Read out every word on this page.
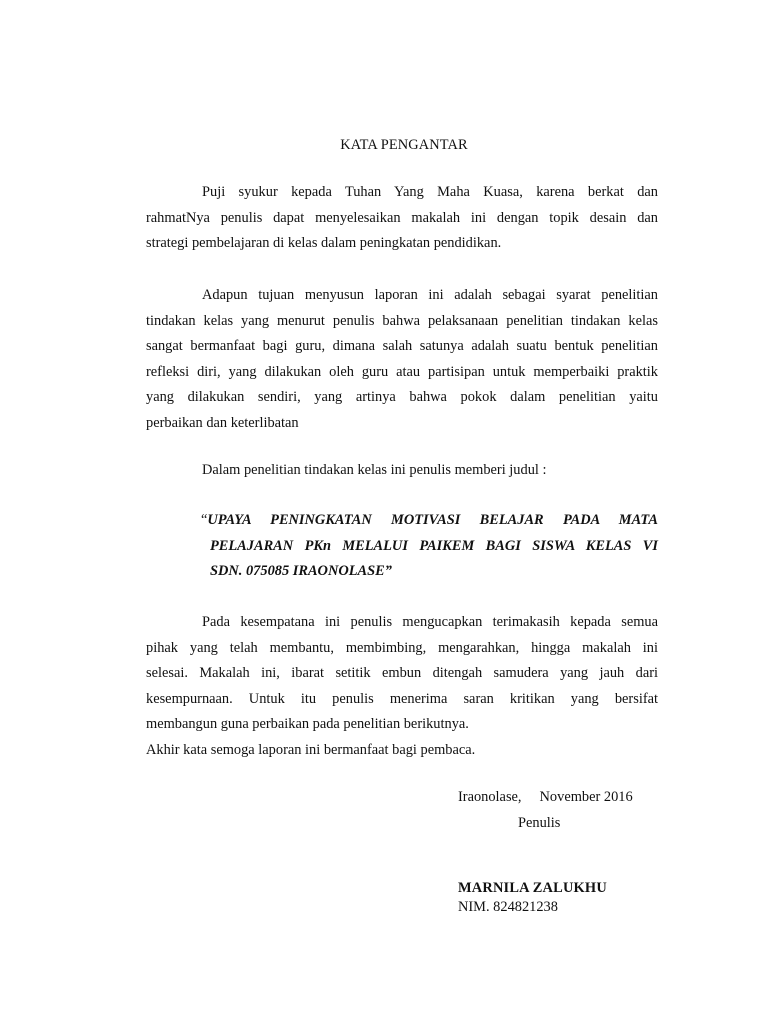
KATA PENGANTAR
Puji syukur kepada Tuhan Yang Maha Kuasa, karena berkat dan
rahmatNya penulis dapat menyelesaikan makalah ini dengan topik desain dan
strategi pembelajaran di kelas dalam peningkatan pendidikan.
Adapun tujuan menyusun laporan ini adalah sebagai syarat penelitian
tindakan kelas yang menurut penulis bahwa pelaksanaan penelitian tindakan kelas
sangat bermanfaat bagi guru, dimana salah satunya adalah suatu bentuk penelitian
refleksi diri, yang dilakukan oleh guru atau partisipan untuk memperbaiki praktik
yang dilakukan sendiri, yang artinya bahwa pokok dalam penelitian yaitu
perbaikan dan keterlibatan
Dalam penelitian tindakan kelas ini penulis memberi judul :
“UPAYA PENINGKATAN MOTIVASI BELAJAR PADA MATA
PELAJARAN PKn MELALUI PAIKEM BAGI SISWA KELAS VI
SDN. 075085 IRAONOLASE”
Pada kesempatana ini penulis mengucapkan terimakasih kepada semua
pihak yang telah membantu, membimbing, mengarahkan, hingga makalah ini
selesai. Makalah ini, ibarat setitik embun ditengah samudera yang jauh dari
kesempurnaan. Untuk itu penulis menerima saran kritikan yang bersifat
membangun guna perbaikan pada penelitian berikutnya.
Akhir kata semoga laporan ini bermanfaat bagi pembaca.
Iraonolase, November 2016
Penulis
MARNILA ZALUKHU
NIM. 824821238
